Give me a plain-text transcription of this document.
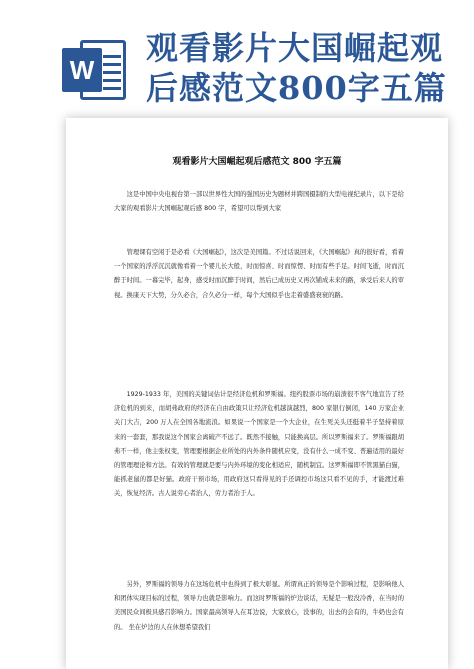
W
观看影片大国崛起观后感范文800字五篇
观看影片大国崛起观后感范文 800 字五篇

这是中国中央电视台第一部以世界性大国的强国历史为题材并跨国摄制的大型电视纪录片，以下是给大家的观看影片大国崛起观后感 800 字，希望可以帮到大家

管理课有空闲于是必看《大国崛起》，这次是美国篇。不过话说回来，《大国崛起》真的很好看，看着一个国家的浮浮沉沉就像看着一个婴儿长大般，时而惊喜、时而惊愣、时而有些手足。时间飞逝，时而沉醉于时间。一幕完毕，起身，感受时而沉醉于时间，然后已成历史又再次铺成未来的路，承受后来人的审视。换康天下大势，分久必合，合久必分一样，每个大国似乎也走着盛盛衰衰的路。

1929-1933 年，美国的关键词估计是经济危机和罗斯福。纽约股票市场的崩溃很不客气地宣告了经济危机的到来，而胡弗政府的经济在自由政策只让经济危机越演越烈，800 家银行倒闭，140 万家企业关门大吉，200 万人在全国各地流浪。如果说一个国家是一个大企业，在生死关头还挺着半子坚持着原来的一套套，那我说这个国家会离破产不远了。既然不接触，只能换高层。所以罗斯福来了。罗斯福跟胡弗不一样，他主张权变，管理要根据企业所处的内外条件随机应变，没有什么一成不变、普遍适用的最好的管理理论和方法。有效的管理就是要与内外环境的变化相适应，随机制宜。这罗斯福即不管黑猫白猫，能抓老鼠的都是好猫。政府干预市场，用政府这只看得见的手还调控市场这只看不见的手，才能渡过难关，恢复经济。古人说劳心者治人，劳力者治于人。

另外，罗斯福的领导力在这场危机中也得到了极大彰显。所谓真正的领导是个影响过程，是影响他人和团体实现目标的过程，领导力也就是影响力。而这时罗斯福的炉边谈话，无疑是一般没冷香，在当时的美国民众间极具感召影响力。国家最高领导人在耳边说，大家放心，没事的，出去的会有的，牛奶也会有的。 坐在炉边的人在休想希望我们
